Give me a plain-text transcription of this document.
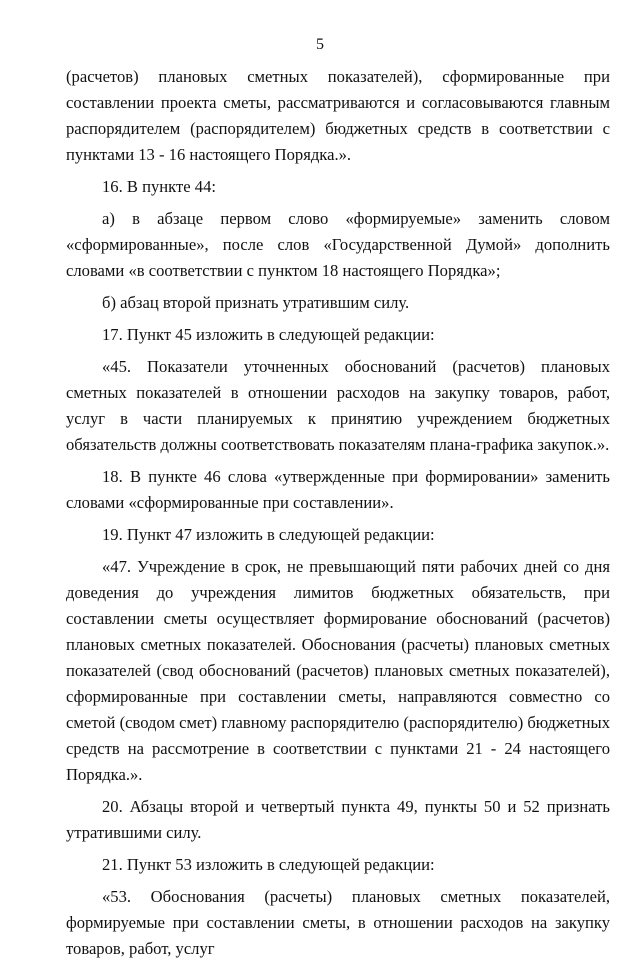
5

(расчетов) плановых сметных показателей), сформированные при составлении проекта сметы, рассматриваются и согласовываются главным распорядителем (распорядителем) бюджетных средств в соответствии с пунктами 13 - 16 настоящего Порядка.».

16. В пункте 44:

а) в абзаце первом слово «формируемые» заменить словом «сформированные», после слов «Государственной Думой» дополнить словами «в соответствии с пунктом 18 настоящего Порядка»;

б) абзац второй признать утратившим силу.

17. Пункт 45 изложить в следующей редакции:

«45. Показатели уточненных обоснований (расчетов) плановых сметных показателей в отношении расходов на закупку товаров, работ, услуг в части планируемых к принятию учреждением бюджетных обязательств должны соответствовать показателям плана-графика закупок.».

18. В пункте 46 слова «утвержденные при формировании» заменить словами «сформированные при составлении».

19. Пункт 47 изложить в следующей редакции:

«47. Учреждение в срок, не превышающий пяти рабочих дней со дня доведения до учреждения лимитов бюджетных обязательств, при составлении сметы осуществляет формирование обоснований (расчетов) плановых сметных показателей. Обоснования (расчеты) плановых сметных показателей (свод обоснований (расчетов) плановых сметных показателей), сформированные при составлении сметы, направляются совместно со сметой (сводом смет) главному распорядителю (распорядителю) бюджетных средств на рассмотрение в соответствии с пунктами 21 - 24 настоящего Порядка.».

20. Абзацы второй и четвертый пункта 49, пункты 50 и 52 признать утратившими силу.

21. Пункт 53 изложить в следующей редакции:

«53. Обоснования (расчеты) плановых сметных показателей, формируемые при составлении сметы, в отношении расходов на закупку товаров, работ, услуг
